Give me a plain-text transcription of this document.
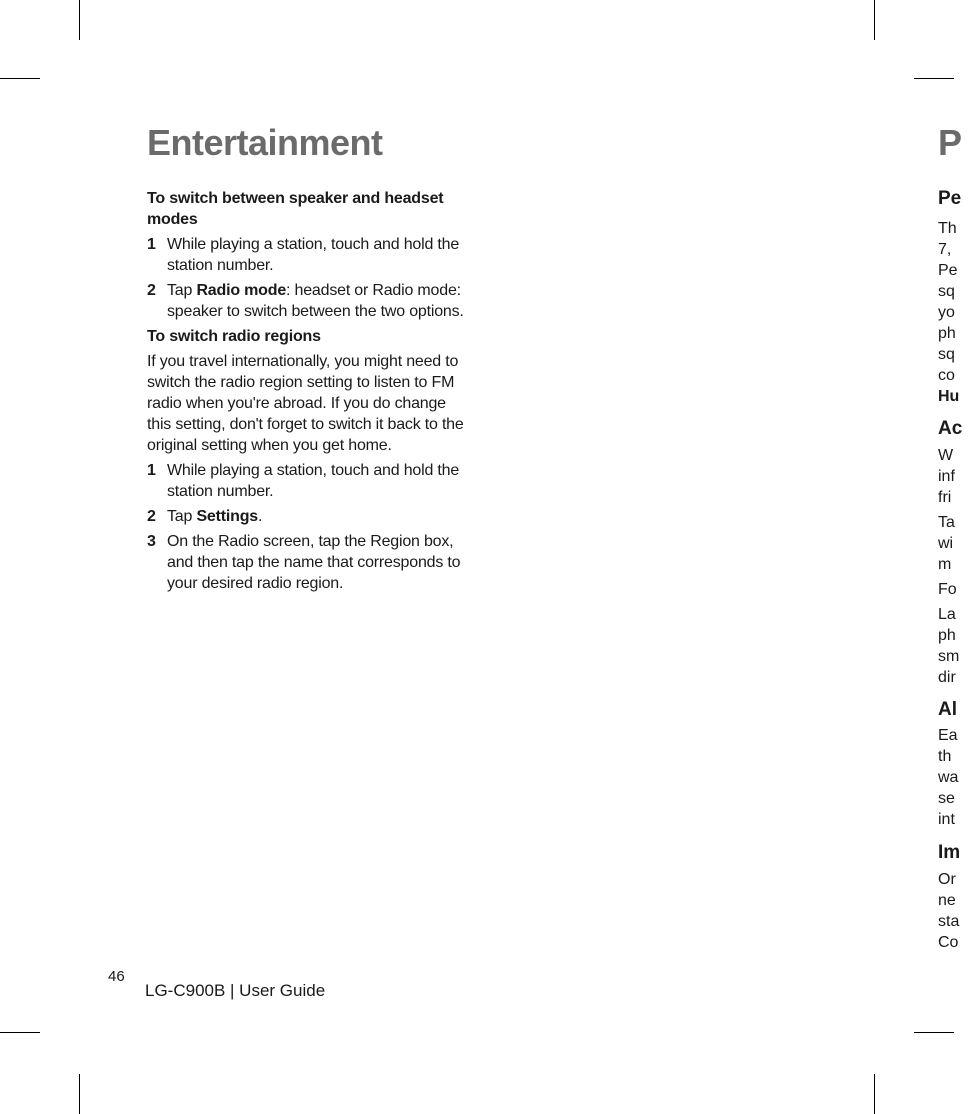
Entertainment

To switch between speaker and headset modes

1 While playing a station, touch and hold the station number.
2 Tap Radio mode: headset or Radio mode: speaker to switch between the two options.

To switch radio regions

If you travel internationally, you might need to switch the radio region setting to listen to FM radio when you're abroad. If you do change this setting, don't forget to switch it back to the original setting when you get home.

1 While playing a station, touch and hold the station number.
2 Tap Settings.
3 On the Radio screen, tap the Region box, and then tap the name that corresponds to your desired radio region.
P
Pe
Th
7,
Pe
sq
yo
ph
sq
co
Hu
Ac
W
inf
fri
Ta
wi
m
Fo
La
ph
sm
dir
Al
Ea
th
wa
se
int
Im
Or
ne
sta
Co
46
LG-C900B | User Guide
